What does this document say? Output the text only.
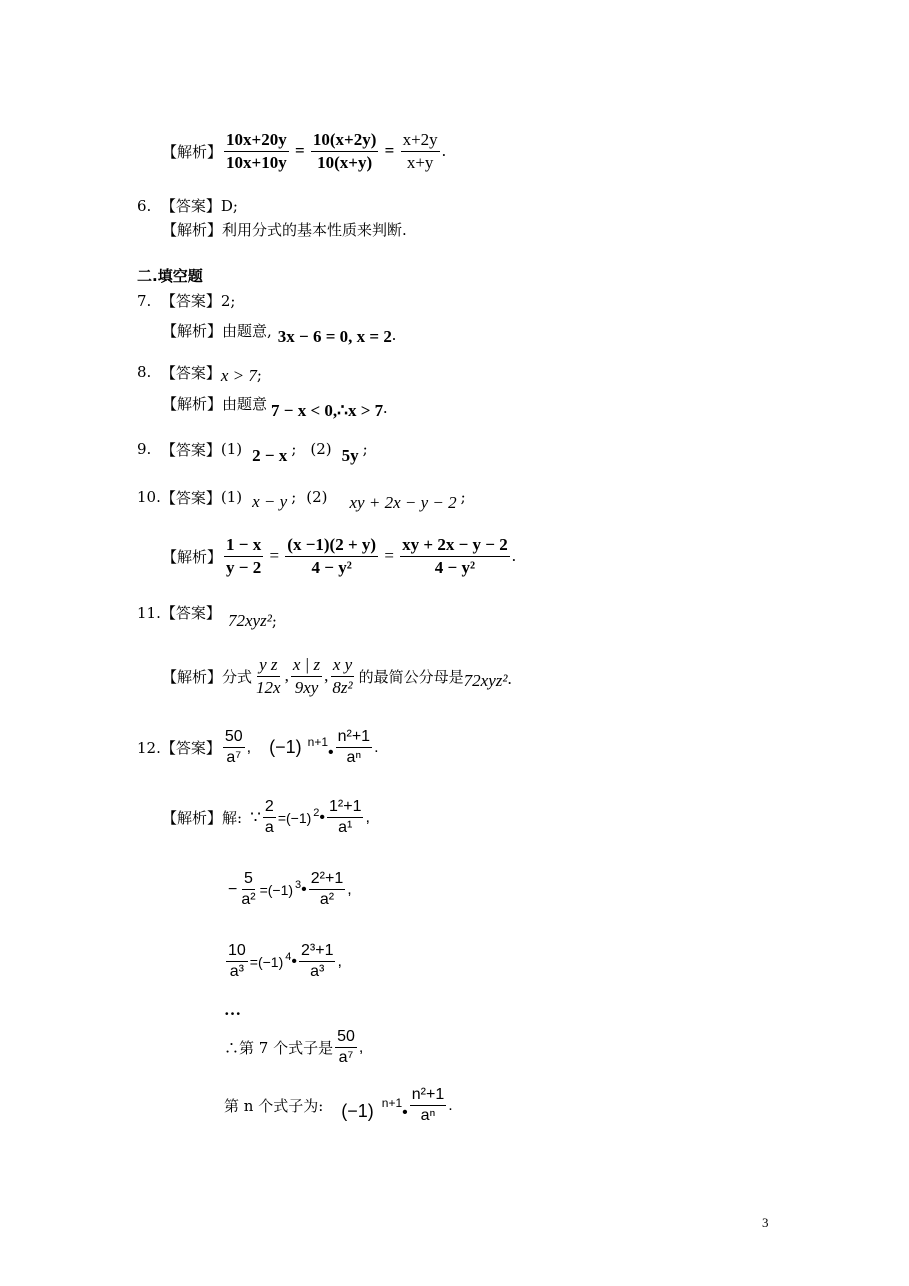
【解析】 $\frac{10x+20y}{10x+10y} = \frac{10(x+2y)}{10(x+y)} = \frac{x+2y}{x+y}$ .
6. 【答案】D;
【解析】利用分式的基本性质来判断.
二.填空题
7. 【答案】2;
【解析】 由题意, 3x − 6 = 0, x = 2 .
8.
【答案】 x > 7 ;
【解析】 由题意 7 − x < 0,∴x > 7 .
9.
【答案】 (1) 2 − x ; (2) 5y ;
10. 【答案】 (1) x − y ; (2) xy + 2x − y − 2 ;
【解析】 $\frac{1 - x}{y - 2} = \frac{(x -1)(2 + y)}{\text{4 − y²}} = \frac{xy + 2x - y - 2}{\text{4 − y²}}$ .
11. 【答案】 72xyz² ;
【解析】 分式 $\frac{\text{y z}}{12x}$ , $\frac{x | z}{9xy}$ , $\frac{\text{x y}}{\text{8z²}}$ 的最简公分母是 72xyz² .
12. 【答案】 $\frac{50}{\text{a⁷}}$ , (−1) n+1
• $\frac{\text{n²+1}}{\text{aⁿ}}$ .
【解析】 解: ∵ $\frac{2}{a} =(-1)$ 2 • $\frac{\text{1²+1}}{\text{a¹}}$ ,
− $\frac{5}{\text{a²}} =(-1)$ 3 • $\frac{\text{2²+1}}{\text{a²}}$ ,
$\frac{10}{\text{a³}} =(-1)$ 4 • $\frac{\text{2³+1}}{\text{a³}}$ ,
…
∴第 7 个式子是 $\frac{50}{\text{a⁷}}$ ,
第 n 个式子为: (−1) n+1
• $\frac{\text{n²+1}}{\text{aⁿ}}$ .
3
